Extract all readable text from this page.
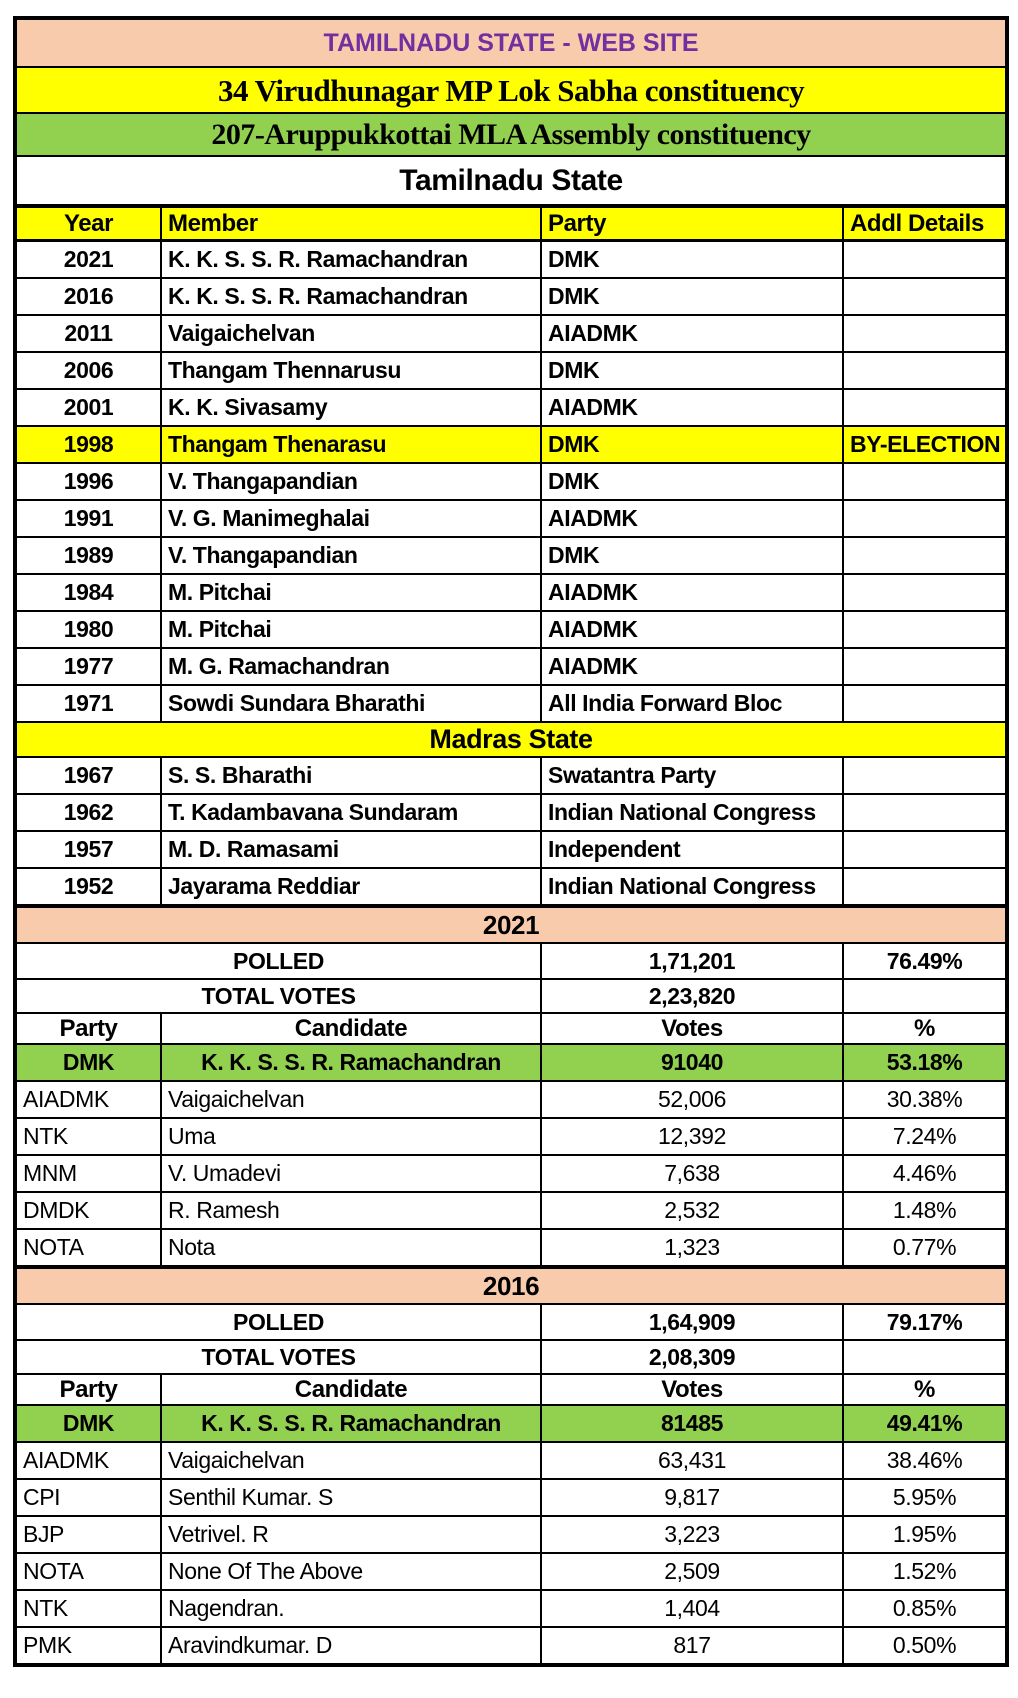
TAMILNADU STATE - WEB SITE			
34 Virudhunagar MP Lok Sabha constituency			
207-Aruppukkottai MLA Assembly constituency			
Tamilnadu State			
Year	Member	Party	Addl Details
2021	K. K. S. S. R. Ramachandran	DMK	
2016	K. K. S. S. R. Ramachandran	DMK	
2011	Vaigaichelvan	AIADMK	
2006	Thangam Thennarusu	DMK	
2001	K. K. Sivasamy	AIADMK	
1998	Thangam Thenarasu	DMK	BY-ELECTION
1996	V. Thangapandian	DMK	
1991	V. G. Manimeghalai	AIADMK	
1989	V. Thangapandian	DMK	
1984	M. Pitchai	AIADMK	
1980	M. Pitchai	AIADMK	
1977	M. G. Ramachandran	AIADMK	
1971	Sowdi Sundara Bharathi	All India Forward Bloc	
Madras State			
1967	S. S. Bharathi	Swatantra Party	
1962	T. Kadambavana Sundaram	Indian National Congress	
1957	M. D. Ramasami	Independent	
1952	Jayarama Reddiar	Indian National Congress	
2021			
POLLED		1,71,201	76.49%
TOTAL VOTES		2,23,820	
Party	Candidate	Votes	%
DMK	K. K. S. S. R. Ramachandran	91040	53.18%
AIADMK	Vaigaichelvan	52,006	30.38%
NTK	Uma	12,392	7.24%
MNM	V. Umadevi	7,638	4.46%
DMDK	R. Ramesh	2,532	1.48%
NOTA	Nota	1,323	0.77%
2016			
POLLED		1,64,909	79.17%
TOTAL VOTES		2,08,309	
Party	Candidate	Votes	%
DMK	K. K. S. S. R. Ramachandran	81485	49.41%
AIADMK	Vaigaichelvan	63,431	38.46%
CPI	Senthil Kumar. S	9,817	5.95%
BJP	Vetrivel. R	3,223	1.95%
NOTA	None Of The Above	2,509	1.52%
NTK	Nagendran.	1,404	0.85%
PMK	Aravindkumar. D	817	0.50%
